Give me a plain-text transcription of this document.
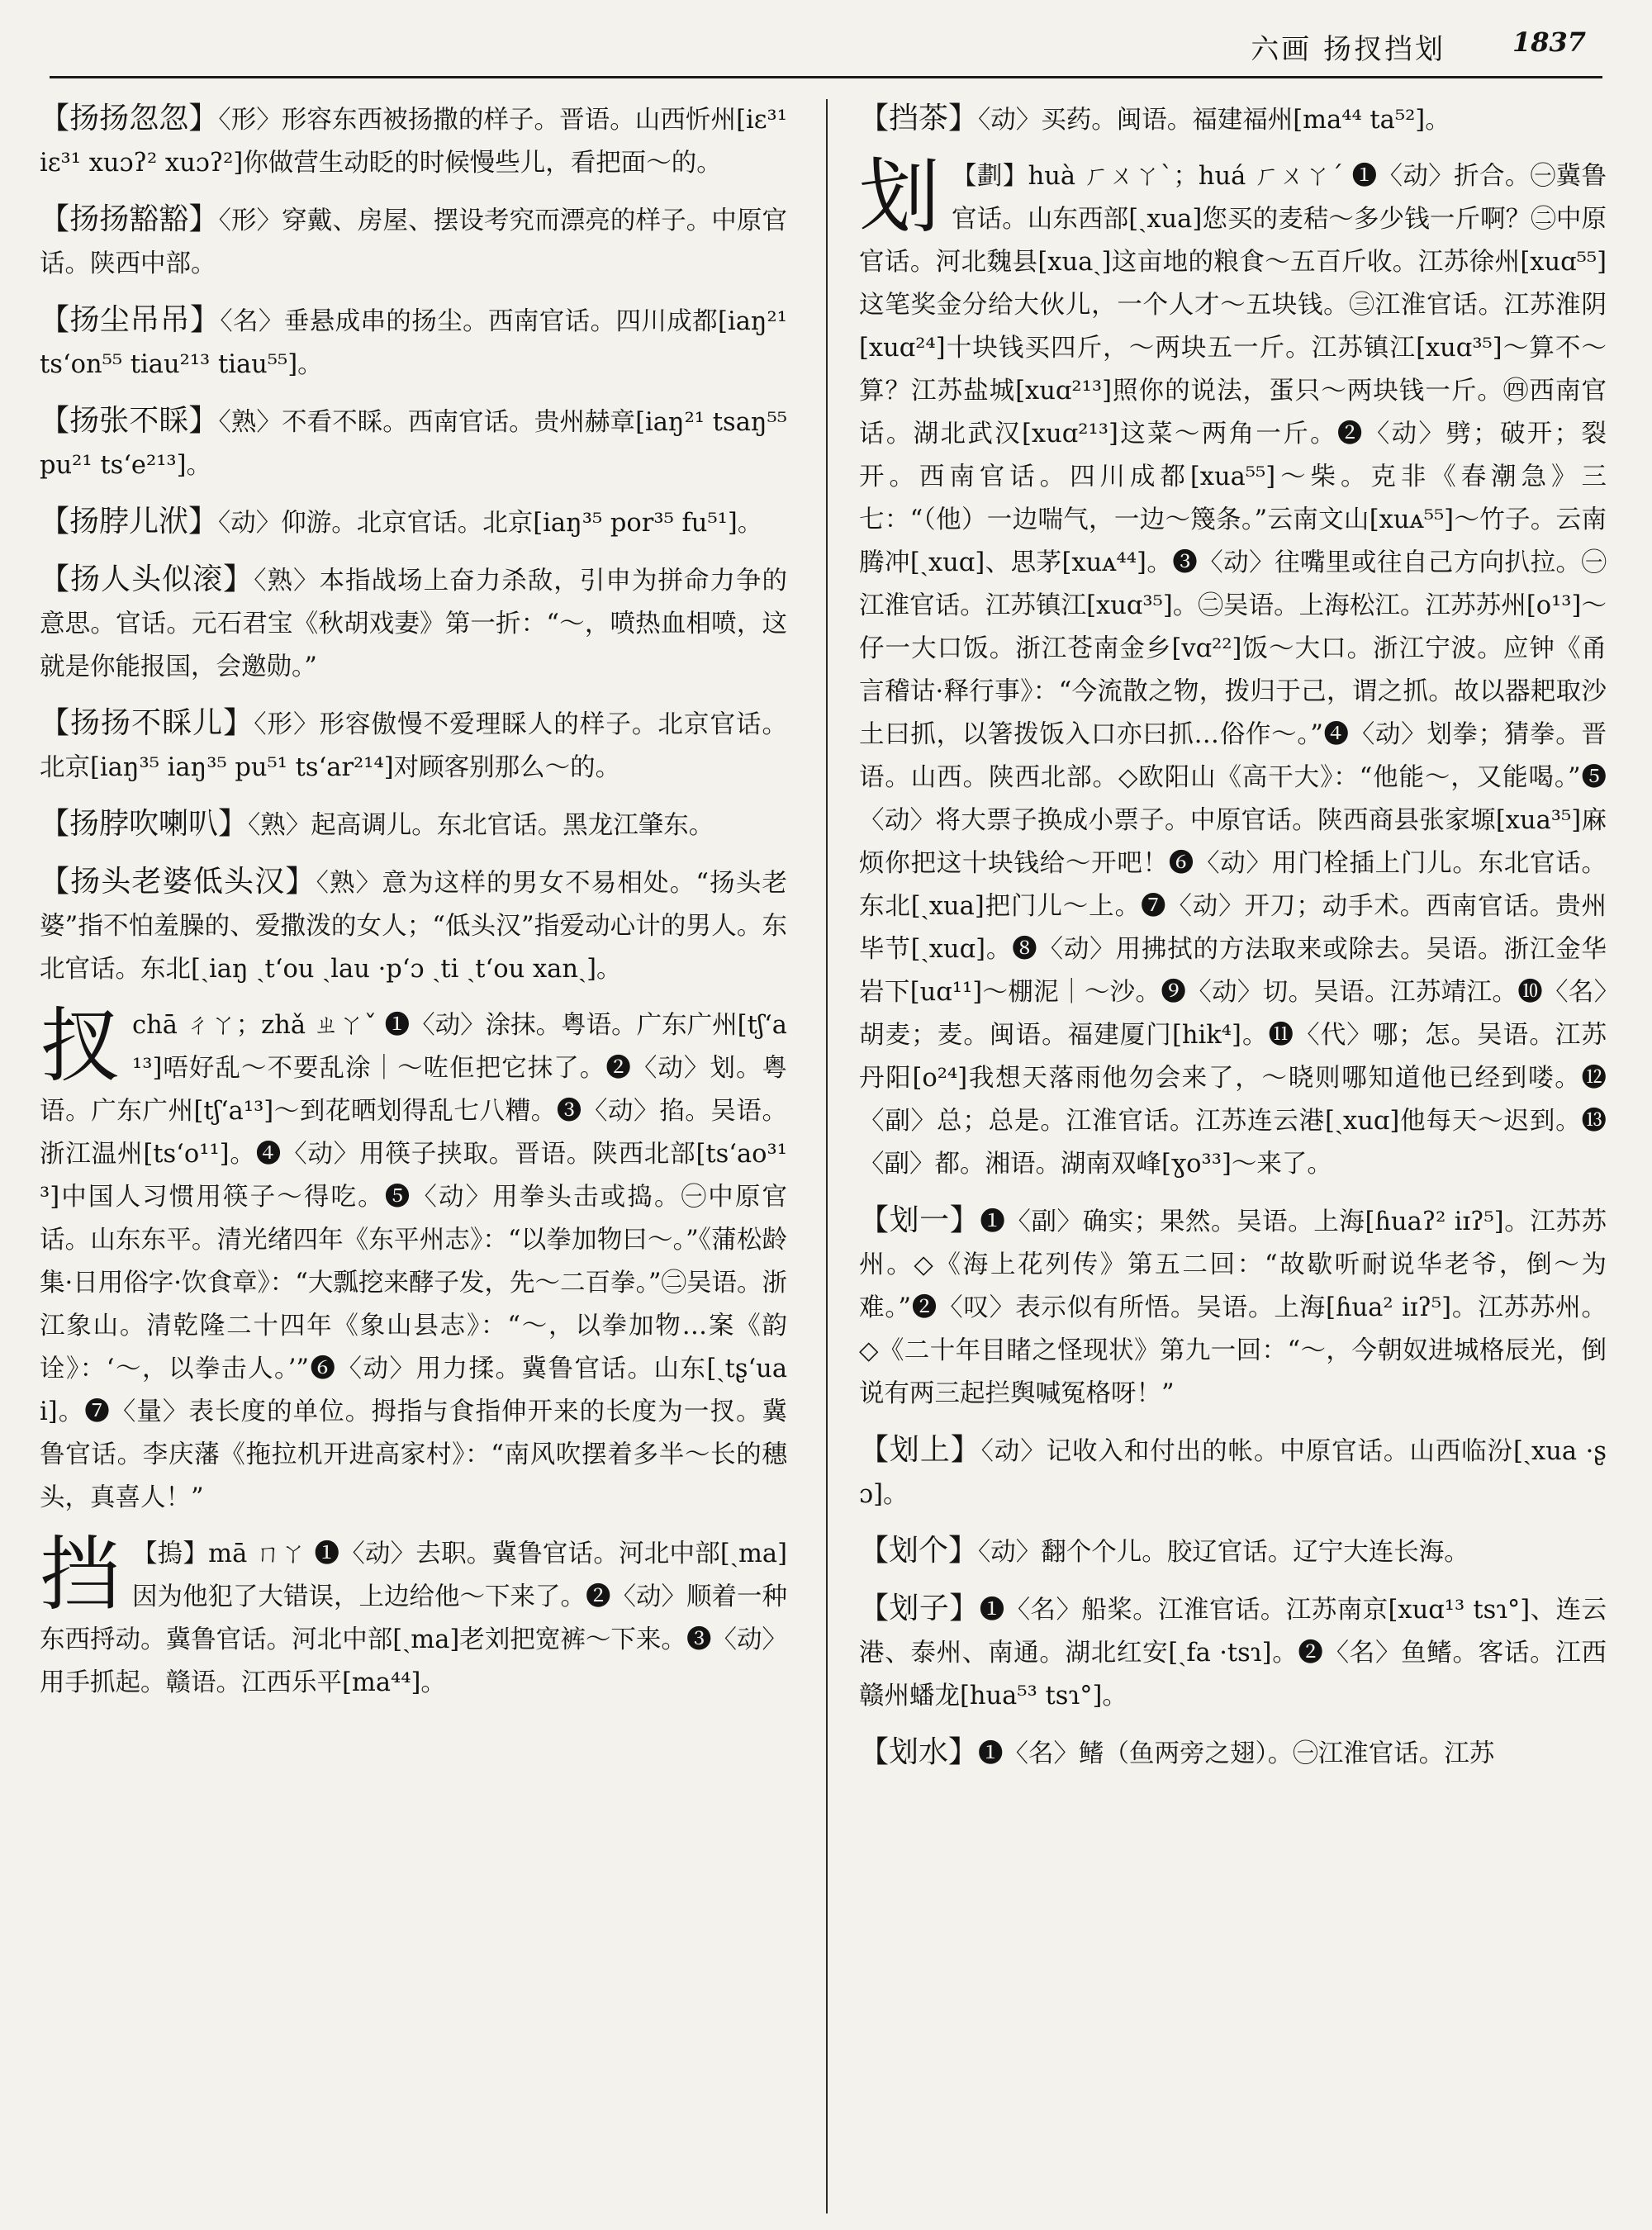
六画 扬扠挡划	1837

【扬扬忽忽】〈形〉形容东西被扬撒的样子。晋语。山西忻州[iɛ³¹ iɛ³¹ xuɔʔ² xuɔʔ²]你做营生动眨的时候慢些儿，看把面～的。

【扬扬豁豁】〈形〉穿戴、房屋、摆设考究而漂亮的样子。中原官话。陕西中部。

【扬尘吊吊】〈名〉垂悬成串的扬尘。西南官话。四川成都[iaŋ²¹ tsʻon⁵⁵ tiau²¹³ tiau⁵⁵]。

【扬张不睬】〈熟〉不看不睬。西南官话。贵州赫章[iaŋ²¹ tsaŋ⁵⁵ pu²¹ tsʻe²¹³]。

【扬脖儿洑】〈动〉仰游。北京官话。北京[iaŋ³⁵ por³⁵ fu⁵¹]。

【扬人头似滚】〈熟〉本指战场上奋力杀敌，引申为拼命力争的意思。官话。元石君宝《秋胡戏妻》第一折：“～，喷热血相喷，这就是你能报国，会邀勋。”

【扬扬不睬儿】〈形〉形容傲慢不爱理睬人的样子。北京官话。北京[iaŋ³⁵ iaŋ³⁵ pu⁵¹ tsʻar²¹⁴]对顾客别那么～的。

【扬脖吹喇叭】〈熟〉起高调儿。东北官话。黑龙江肇东。

【扬头老婆低头汉】〈熟〉意为这样的男女不易相处。“扬头老婆”指不怕羞臊的、爱撒泼的女人；“低头汉”指爱动心计的男人。东北官话。东北[ˏiaŋ ˏtʻou ˎlau ·pʻɔ ˏti ˏtʻou xanˎ]。

扠chā ㄔㄚ；zhǎ ㄓㄚˇ ❶〈动〉涂抹。粤语。广东广州[tʃʻa¹³]唔好乱～不要乱涂｜～咗佢把它抹了。❷〈动〉划。粤语。广东广州[tʃʻa¹³]～到花晒划得乱七八糟。❸〈动〉掐。吴语。浙江温州[tsʻo¹¹]。❹〈动〉用筷子挟取。晋语。陕西北部[tsʻao³¹³]中国人习惯用筷子～得吃。❺〈动〉用拳头击或捣。㊀中原官话。山东东平。清光绪四年《东平州志》：“以拳加物曰～。”《蒲松龄集·日用俗字·饮食章》：“大瓢挖来酵子发，先～二百拳。”㊁吴语。浙江象山。清乾隆二十四年《象山县志》：“～，以拳加物…案《韵诠》：‘～，以拳击人。’”❻〈动〉用力揉。冀鲁官话。山东[ˏtʂʻuai]。❼〈量〉表长度的单位。拇指与食指伸开来的长度为一扠。冀鲁官话。李庆藩《拖拉机开进高家村》：“南风吹摆着多半～长的穗头，真喜人！”

挡 【摀】mā ㄇㄚ ❶〈动〉去职。冀鲁官话。河北中部[ˏma]因为他犯了大错误，上边给他～下来了。❷〈动〉顺着一种东西捋动。冀鲁官话。河北中部[ˏma]老刘把宽裤～下来。❸〈动〉用手抓起。赣语。江西乐平[ma⁴⁴]。

【挡茶】〈动〉买药。闽语。福建福州[ma⁴⁴ ta⁵²]。

划 【劃】huà ㄏㄨㄚˋ；huá ㄏㄨㄚˊ ❶〈动〉折合。㊀冀鲁官话。山东西部[ˏxua]您买的麦秸～多少钱一斤啊？㊁中原官话。河北魏县[xuaˎ]这亩地的粮食～五百斤收。江苏徐州[xuɑ⁵⁵]这笔奖金分给大伙儿，一个人才～五块钱。㊂江淮官话。江苏淮阴[xuɑ²⁴]十块钱买四斤，～两块五一斤。江苏镇江[xuɑ³⁵]～算不～算？江苏盐城[xuɑ²¹³]照你的说法，蛋只～两块钱一斤。㊃西南官话。湖北武汉[xuɑ²¹³]这菜～两角一斤。❷〈动〉劈；破开；裂开。西南官话。四川成都[xua⁵⁵]～柴。克非《春潮急》三七：“（他）一边喘气，一边～篾条。”云南文山[xuᴀ⁵⁵]～竹子。云南腾冲[ˏxuɑ]、思茅[xuᴀ⁴⁴]。❸〈动〉往嘴里或往自己方向扒拉。㊀江淮官话。江苏镇江[xuɑ³⁵]。㊁吴语。上海松江。江苏苏州[o¹³]～仔一大口饭。浙江苍南金乡[vɑ²²]饭～大口。浙江宁波。应钟《甬言稽诂·释行事》：“今流散之物，拨归于己，谓之抓。故以器耙取沙土曰抓，以箸拨饭入口亦曰抓…俗作～。”❹〈动〉划拳；猜拳。晋语。山西。陕西北部。◇欧阳山《高干大》：“他能～，又能喝。”❺〈动〉将大票子换成小票子。中原官话。陕西商县张家塬[xua³⁵]麻烦你把这十块钱给～开吧！❻〈动〉用门栓插上门儿。东北官话。东北[ˏxua]把门儿～上。❼〈动〉开刀；动手术。西南官话。贵州毕节[ˏxuɑ]。❽〈动〉用拂拭的方法取来或除去。吴语。浙江金华岩下[uɑ¹¹]～棚泥｜～沙。❾〈动〉切。吴语。江苏靖江。❿〈名〉胡麦；麦。闽语。福建厦门[hik⁴]。⓫〈代〉哪；怎。吴语。江苏丹阳[o²⁴]我想天落雨他勿会来了，～晓则哪知道他已经到喽。⓬〈副〉总；总是。江淮官话。江苏连云港[ˏxuɑ]他每天～迟到。⓭〈副〉都。湘语。湖南双峰[ɣo³³]～来了。

【划一】❶〈副〉确实；果然。吴语。上海[ɦuaʔ² iɪʔ⁵]。江苏苏州。◇《海上花列传》第五二回：“故歇听耐说华老爷，倒～为难。”❷〈叹〉表示似有所悟。吴语。上海[ɦua² iɪʔ⁵]。江苏苏州。◇《二十年目睹之怪现状》第九一回：“～，今朝奴进城格辰光，倒说有两三起拦舆喊冤格呀！”

【划上】〈动〉记收入和付出的帐。中原官话。山西临汾[ˏxua ·ʂɔ]。

【划个】〈动〉翻个个儿。胶辽官话。辽宁大连长海。

【划子】❶〈名〉船桨。江淮官话。江苏南京[xuɑ¹³ tsɿ°]、连云港、泰州、南通。湖北红安[ˏfa ·tsɿ]。❷〈名〉鱼鳍。客话。江西赣州蟠龙[hua⁵³ tsɿ°]。

【划水】❶〈名〉鳍（鱼两旁之翅）。㊀江淮官话。江苏
